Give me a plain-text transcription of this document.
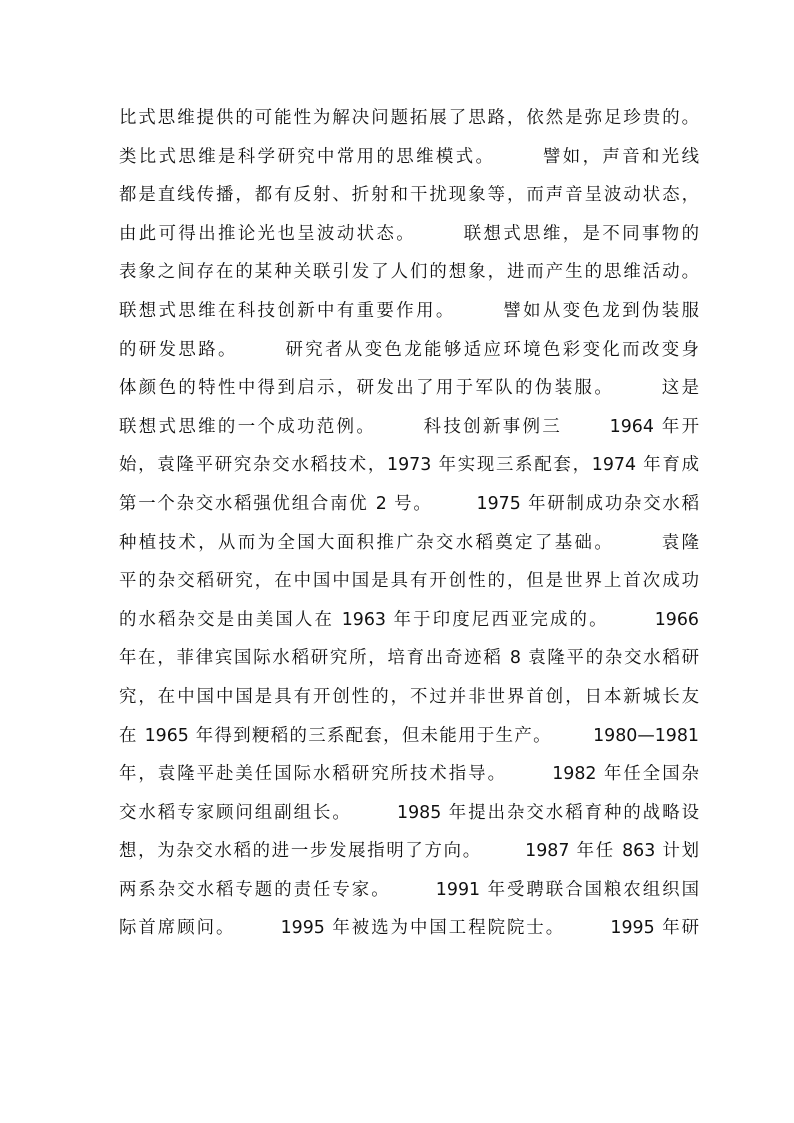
比式思维提供的可能性为解决问题拓展了思路，依然是弥足珍贵的。
类比式思维是科学研究中常用的思维模式。      譬如，声音和光线
都是直线传播，都有反射、折射和干扰现象等，而声音呈波动状态，
由此可得出推论光也呈波动状态。      联想式思维，是不同事物的
表象之间存在的某种关联引发了人们的想象，进而产生的思维活动。
联想式思维在科技创新中有重要作用。      譬如从变色龙到伪装服
的研发思路。      研究者从变色龙能够适应环境色彩变化而改变身
体颜色的特性中得到启示，研发出了用于军队的伪装服。      这是
联想式思维的一个成功范例。      科技创新事例三      1964 年开
始，袁隆平研究杂交水稻技术，1973 年实现三系配套，1974 年育成
第一个杂交水稻强优组合南优 2 号。      1975 年研制成功杂交水稻
种植技术，从而为全国大面积推广杂交水稻奠定了基础。      袁隆
平的杂交稻研究，在中国中国是具有开创性的，但是世界上首次成功
的水稻杂交是由美国人在 1963 年于印度尼西亚完成的。      1966
年在，菲律宾国际水稻研究所，培育出奇迹稻 8 袁隆平的杂交水稻研
究，在中国中国是具有开创性的，不过并非世界首创，日本新城长友
在 1965 年得到粳稻的三系配套，但未能用于生产。      1980—1981
年，袁隆平赴美任国际水稻研究所技术指导。      1982 年任全国杂
交水稻专家顾问组副组长。      1985 年提出杂交水稻育种的战略设
想，为杂交水稻的进一步发展指明了方向。      1987 年任 863 计划
两系杂交水稻专题的责任专家。      1991 年受聘联合国粮农组织国
际首席顾问。      1995 年被选为中国工程院院士。      1995 年研
